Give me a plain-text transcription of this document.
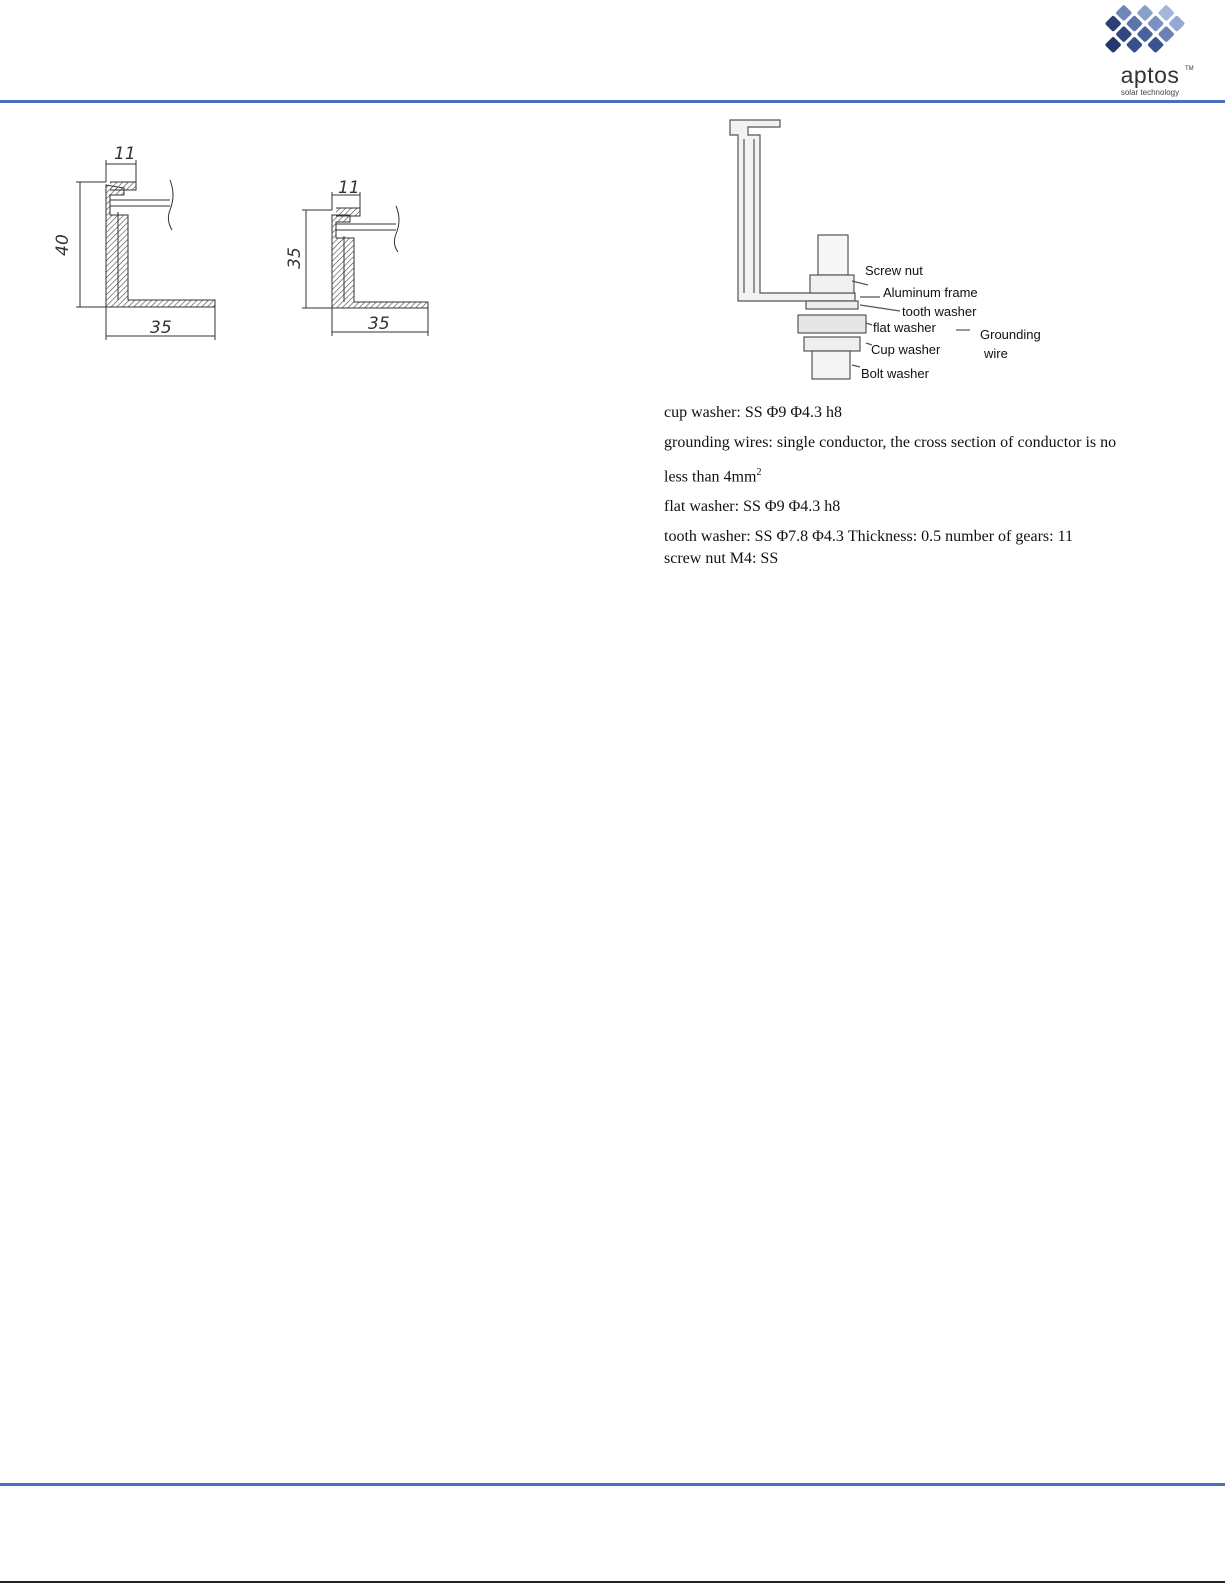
aptos TM
solar technology
11
40
35
11
35
35
Screw nut
Aluminum frame
tooth washer
flat washer	Grounding
wire
Cup washer
Bolt washer

cup washer: SS Φ9 Φ4.3 h8

grounding wires: single conductor, the cross section of conductor is no

less than $4mm^2$

flat washer: SS Φ9 Φ4.3 h8

tooth washer: SS Φ7.8 Φ4.3 Thickness: 0.5 number of gears: 11

screw nut M4: SS
